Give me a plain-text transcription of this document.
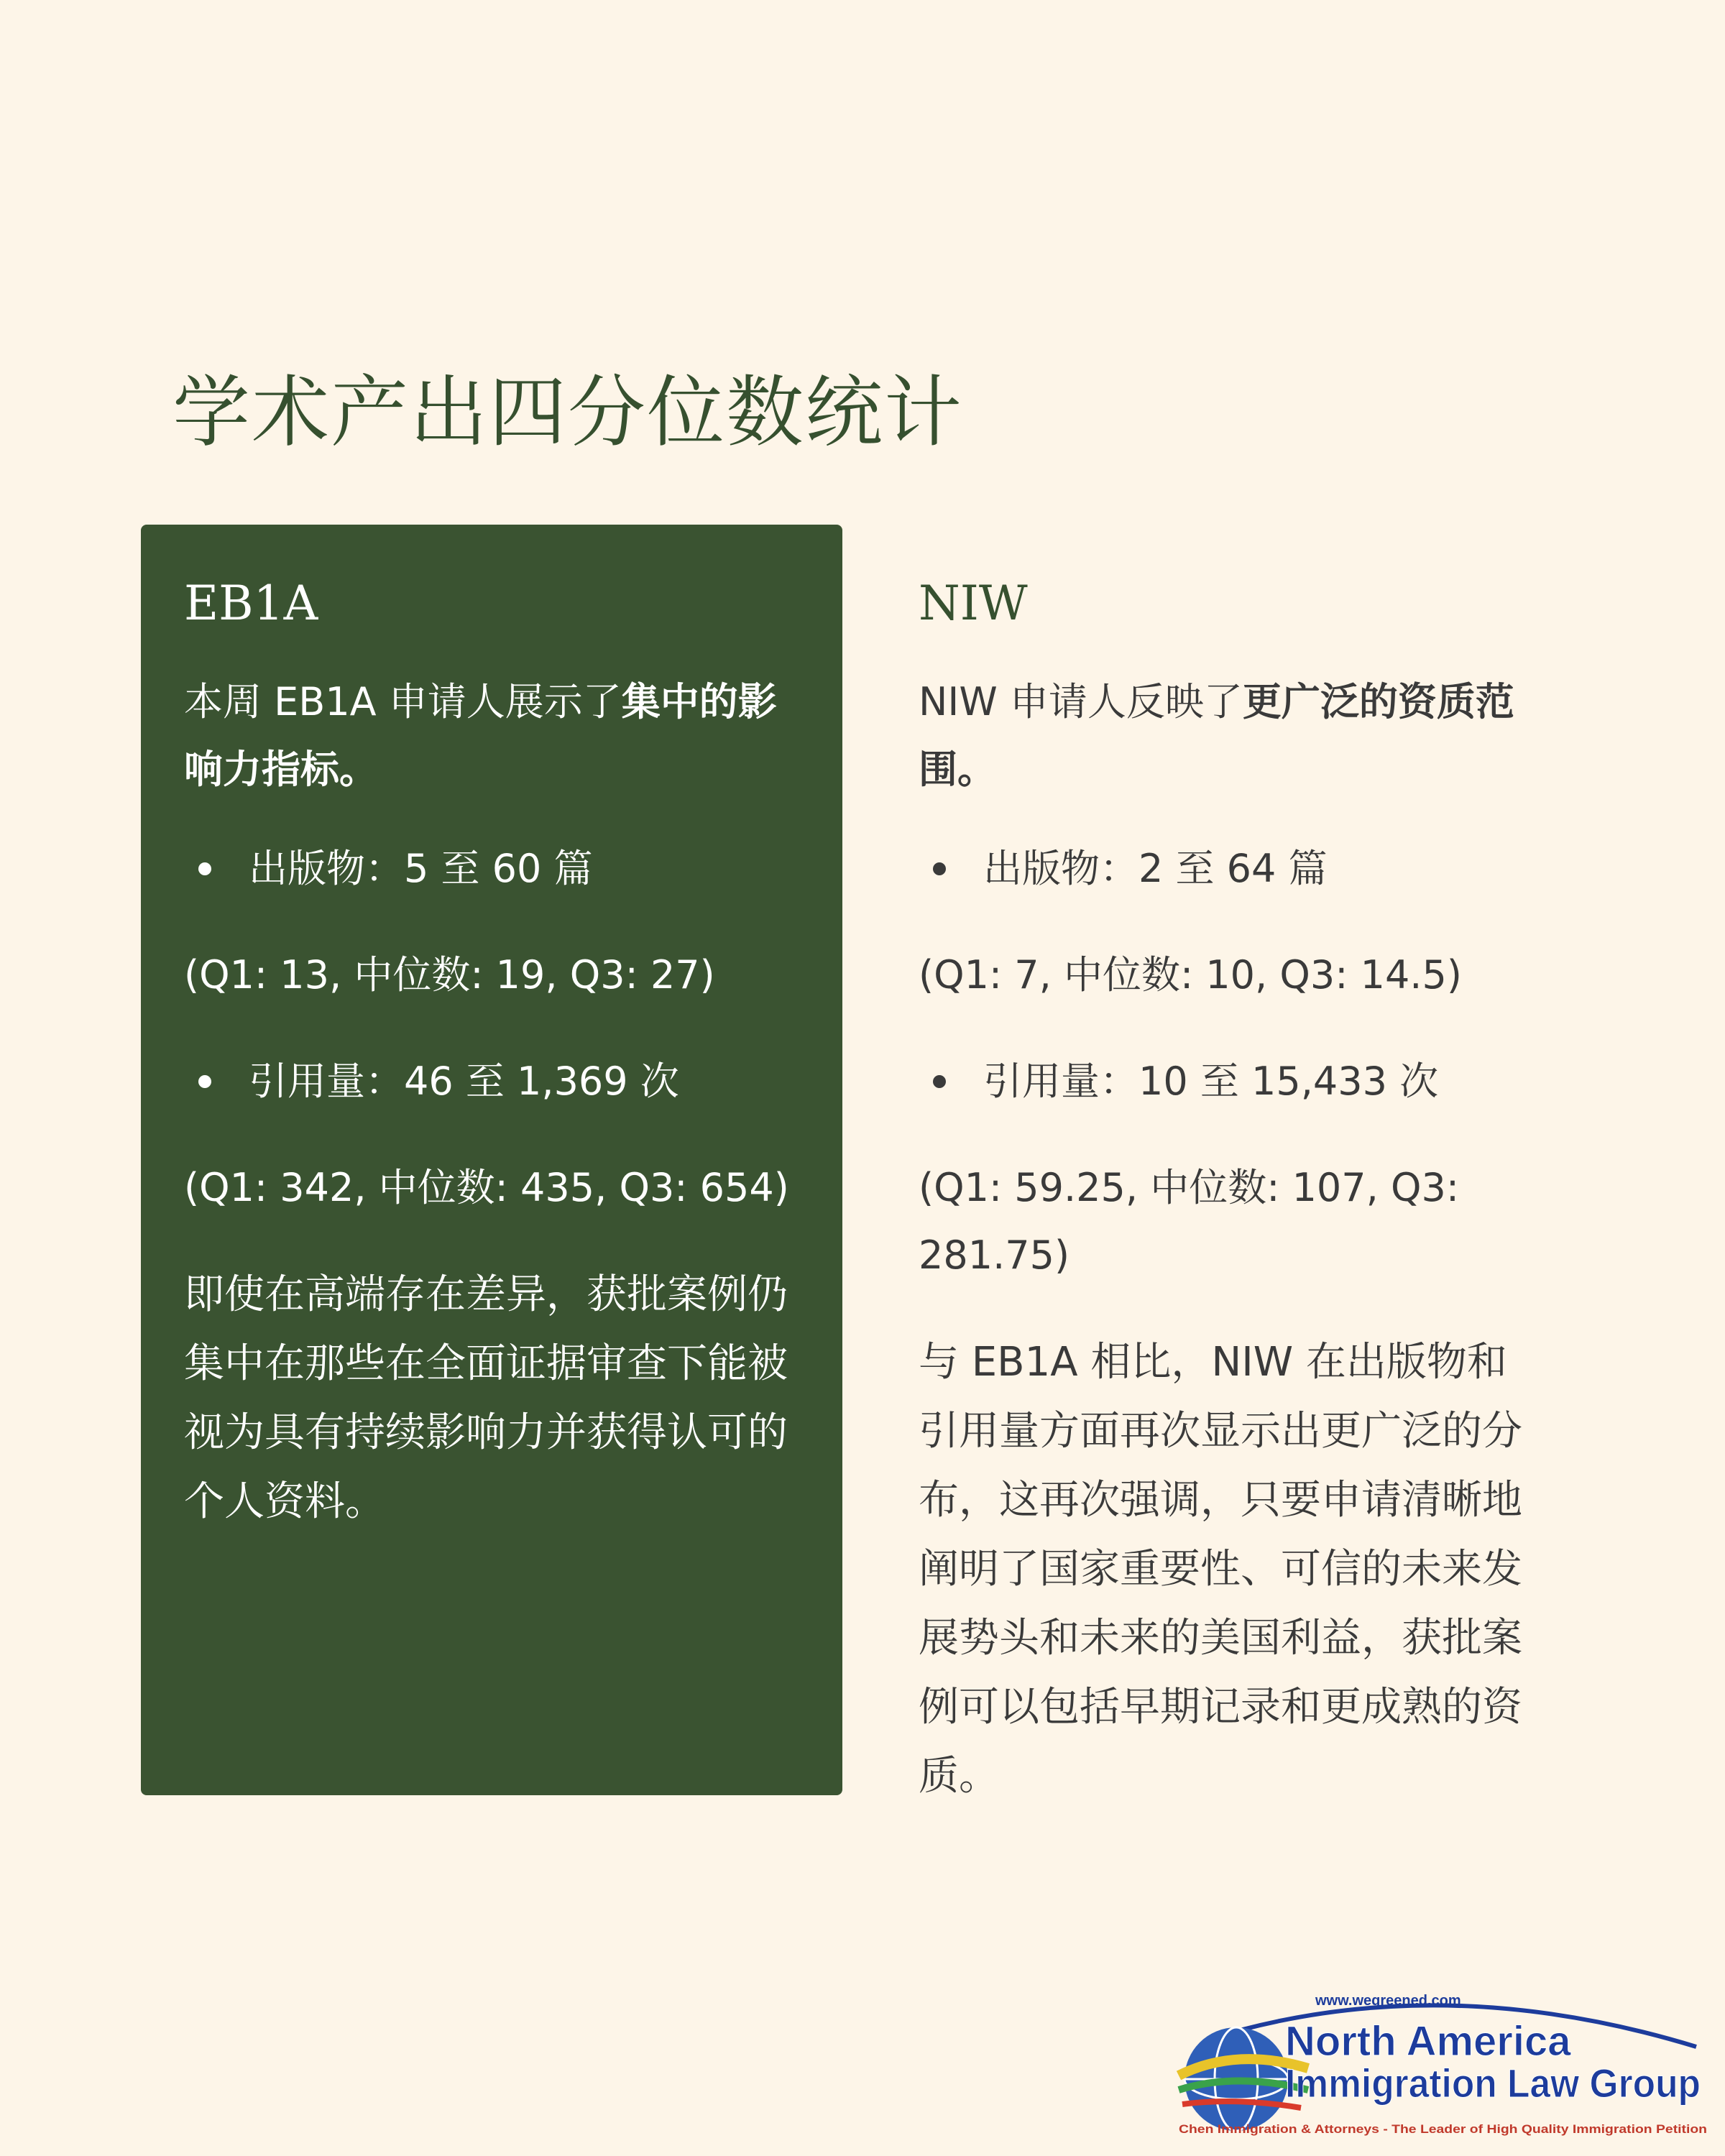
学术产出四分位数统计
EB1A

本周 EB1A 申请人展示了集中的影响力指标。

出版物：5 至 60 篇
(Q1: 13, 中位数: 19, Q3: 27)
引用量：46 至 1,369 次
(Q1: 342, 中位数: 435, Q3: 654)

即使在高端存在差异，获批案例仍集中在那些在全面证据审查下能被视为具有持续影响力并获得认可的个人资料。

NIW

NIW 申请人反映了更广泛的资质范围。

出版物：2 至 64 篇
(Q1: 7, 中位数: 10, Q3: 14.5)
引用量：10 至 15,433 次
(Q1: 59.25, 中位数: 107, Q3: 281.75)

与 EB1A 相比，NIW 在出版物和引用量方面再次显示出更广泛的分布，这再次强调，只要申请清晰地阐明了国家重要性、可信的未来发展势头和未来的美国利益，获批案例可以包括早期记录和更成熟的资质。

www.wegreened.com
North America
Immigration Law Group
Chen Immigration & Attorneys - The Leader of High Quality Immigration Petition
